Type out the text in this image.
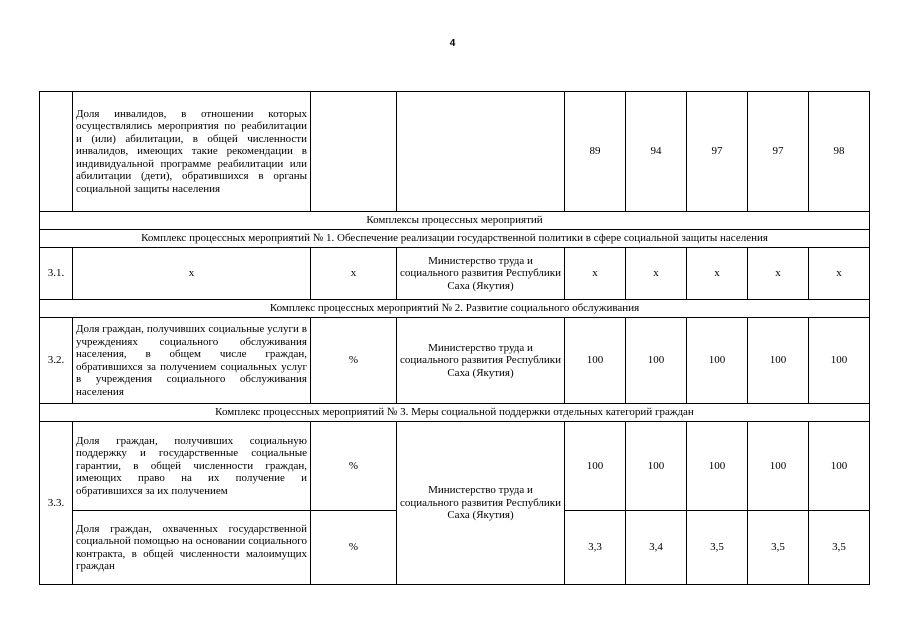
4

	Доля инвалидов, в отношении которых осуществлялись мероприятия по реабилитации и (или) абилитации, в общей численности инвалидов, имеющих такие рекомендации в индивидуальной программе реабилитации или абилитации (дети), обратившихся в органы социальной защиты населения			89	94	97	97	98
Комплексы процессных мероприятий								
Комплекс процессных мероприятий № 1. Обеспечение реализации государственной политики в сфере социальной защиты населения								
3.1.	х	х	Министерство труда и социального развития Республики Саха (Якутия)	х	х	х	х	х
Комплекс процессных мероприятий № 2. Развитие социального обслуживания								
3.2.	Доля граждан, получивших социальные услуги в учреждениях социального обслуживания населения, в общем числе граждан, обратившихся за получением социальных услуг в учреждения социального обслуживания населения	%	Министерство труда и социального развития Республики Саха (Якутия)	100	100	100	100	100
Комплекс процессных мероприятий № 3. Меры социальной поддержки отдельных категорий граждан								
3.3.	Доля граждан, получивших социальную поддержку и государственные социальные гарантии, в общей численности граждан, имеющих право на их получение и обратившихся за их получением	%	Министерство труда и социального развития Республики Саха (Якутия)	100	100	100	100	100

	Доля граждан, охваченных государственной социальной помощью на основании социального контракта, в общей численности малоимущих граждан	%		3,3	3,4	3,5	3,5	3,5
